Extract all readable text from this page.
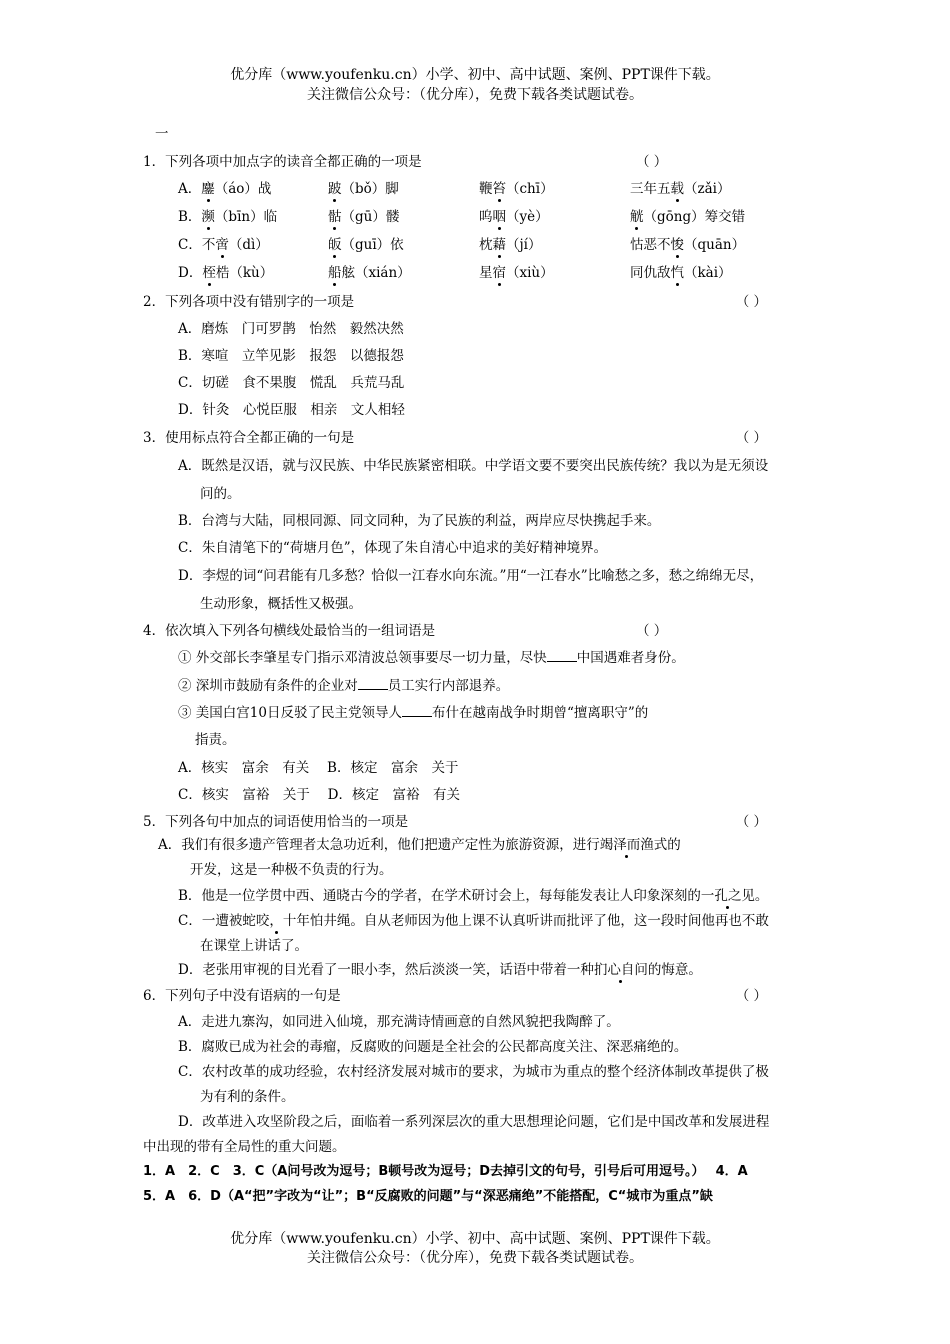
优分库（www.youfenku.cn）小学、初中、高中试题、案例、PPT课件下载。
关注微信公众号：（优分库），免费下载各类试题试卷。
一
1．下列各项中加点字的读音全都正确的一项是	（ ）
A．鏖（áo）战	跛（bǒ）脚	鞭笞（chī）	三年五载（zǎi）
B．濒（bīn）临	骷（gū）髅	呜咽（yè）	觥（gōng）筹交错
C．不啻（dì）	皈（guī）依	枕藉（jí）	怙恶不悛（quān）
D．桎梏（kù）	船舷（xián）	星宿（xiù）	同仇敌忾（kài）
2．下列各项中没有错别字的一项是	（ ）
A．磨炼　门可罗鹊　怡然　毅然决然
B．寒喧　立竿见影　报怨　以德报怨
C．切磋　食不果腹　慌乱　兵荒马乱
D．针灸　心悦臣服　相亲　文人相轻
3．使用标点符合全都正确的一句是	（ ）
A．既然是汉语，就与汉民族、中华民族紧密相联。中学语文要不要突出民族传统？我以为是无须设
问的。
B．台湾与大陆，同根同源、同文同种，为了民族的利益，两岸应尽快携起手来。
C．朱自清笔下的“荷塘月色”，体现了朱自清心中追求的美好精神境界。
D．李煜的词“问君能有几多愁？恰似一江春水向东流。”用“一江春水”比喻愁之多，愁之绵绵无尽，
生动形象，概括性又极强。
4．依次填入下列各句横线处最恰当的一组词语是	（ ）
① 外交部长李肇星专门指示邓清波总领事要尽一切力量，尽快 中国遇难者身份。
② 深圳市鼓励有条件的企业对 员工实行内部退养。
③ 美国白宫10日反驳了民主党领导人 布什在越南战争时期曾“擅离职守”的
指责。
A．核实　富余　有关　 B．核定　富余　关于
C．核实　富裕　关于　 D．核定　富裕　有关
5．下列各句中加点的词语使用恰当的一项是	（ ）
A．我们有很多遗产管理者太急功近利，他们把遗产定性为旅游资源，进行竭泽而渔式的
开发，这是一种极不负责的行为。
B．他是一位学贯中西、通晓古今的学者，在学术研讨会上，每每能发表让人印象深刻的一孔之见。
C．一遭被蛇咬，十年怕井绳。自从老师因为他上课不认真听讲而批评了他，这一段时间他再也不敢
在课堂上讲话了。
D．老张用审视的目光看了一眼小李，然后淡淡一笑，话语中带着一种扪心自问的悔意。
6．下列句子中没有语病的一句是	（ ）
A．走进九寨沟，如同进入仙境，那充满诗情画意的自然风貌把我陶醉了。
B．腐败已成为社会的毒瘤，反腐败的问题是全社会的公民都高度关注、深恶痛绝的。
C．农村改革的成功经验，农村经济发展对城市的要求，为城市为重点的整个经济体制改革提供了极
为有利的条件。
D．改革进入攻坚阶段之后，面临着一系列深层次的重大思想理论问题，它们是中国改革和发展进程
中出现的带有全局性的重大问题。
1．A　2．C　3．C（A问号改为逗号；B顿号改为逗号；D去掉引文的句号，引号后可用逗号。）　 4．A
5．A　6．D（A“把”字改为“让”；B“反腐败的问题”与“深恶痛绝”不能搭配，C“城市为重点”缺
优分库（www.youfenku.cn）小学、初中、高中试题、案例、PPT课件下载。
关注微信公众号：（优分库），免费下载各类试题试卷。
